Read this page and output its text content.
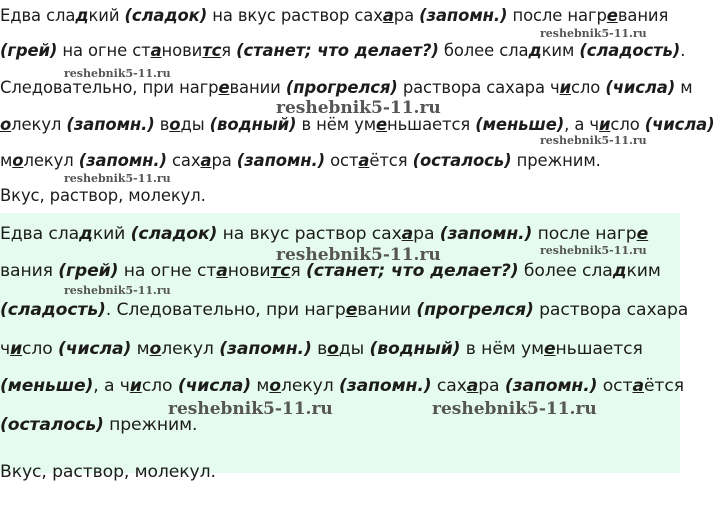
Едва сладкий (сладок) на вкус раствор сахара (запомн.) после нагревания
(грей) на огне становится (станет; что делает?) более сладким (сладость).
Следовательно, при нагревании (прогрелся) раствора сахара число (числа) м
олекул (запомн.) воды (водный) в нём уменьшается (меньше), а число (числа)
молекул (запомн.) сахара (запомн.) остаётся (осталось) прежним.
Вкус, раствор, молекул.
reshebnik5-11.ru
reshebnik5-11.ru
reshebnik5-11.ru
reshebnik5-11.ru
reshebnik5-11.ru
Едва сладкий (сладок) на вкус раствор сахара (запомн.) после нагре
вания (грей) на огне становится (станет; что делает?) более сладким
(сладость). Следовательно, при нагревании (прогрелся) раствора сахара
число (числа) молекул (запомн.) воды (водный) в нём уменьшается
(меньше), а число (числа) молекул (запомн.) сахара (запомн.) остаётся
(осталось) прежним.
Вкус, раствор, молекул.
reshebnik5-11.ru	reshebnik5-11.ru
reshebnik5-11.ru
reshebnik5-11.ru	reshebnik5-11.ru
